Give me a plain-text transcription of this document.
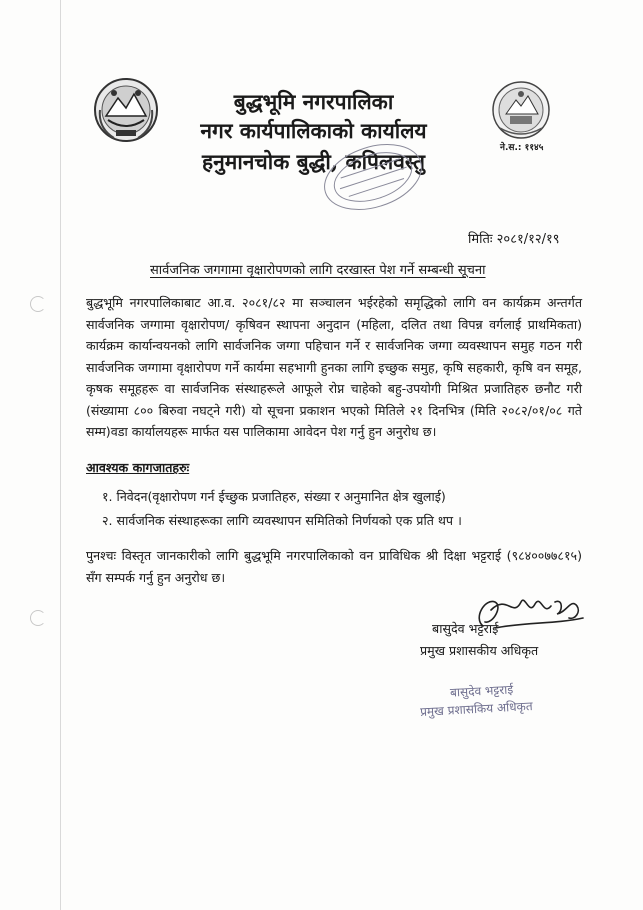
ने.स.: ११४५
बुद्धभूमि नगरपालिका
नगर कार्यपालिकाको कार्यालय
हनुमानचोक बुद्धी, कपिलवस्तु
मितिः २०८१/१२/१९
सार्वजनिक जगगामा वृक्षारोपणको लागि दरखास्त पेश गर्ने सम्बन्धी सूचना
बुद्धभूमि नगरपालिकाबाट आ.व. २०८१/८२ मा सञ्चालन भईरहेको समृद्धिको लागि वन कार्यक्रम अन्तर्गत सार्वजनिक जग्गामा वृक्षारोपण/ कृषिवन स्थापना अनुदान (महिला, दलित तथा विपन्न वर्गलाई प्राथमिकता) कार्यक्रम कार्यान्वयनको लागि सार्वजनिक जग्गा पहिचान गर्ने र सार्वजनिक जग्गा व्यवस्थापन समुह गठन गरी सार्वजनिक जग्गामा वृक्षारोपण गर्ने कार्यमा सहभागी हुनका लागि इच्छुक समुह, कृषि सहकारी, कृषि वन समूह, कृषक समूहहरू वा सार्वजनिक संस्थाहरूले आफूले रोप्न चाहेको बहु-उपयोगी मिश्रित प्रजातिहरु छनौट गरी (संख्यामा ८०० बिरुवा नघट्ने गरी) यो सूचना प्रकाशन भएको मितिले २१ दिनभित्र (मिति २०८२/०१/०८ गते सम्म)वडा कार्यालयहरू मार्फत यस पालिकामा आवेदन पेश गर्नु हुन अनुरोध छ।
आवश्यक कागजातहरुः
१. निवेदन(वृक्षारोपण गर्न ईच्छुक प्रजातिहरु, संख्या र अनुमानित क्षेत्र खुलाई)
२. सार्वजनिक संस्थाहरूका लागि व्यवस्थापन समितिको निर्णयको एक प्रति थप ।
पुनश्चः विस्तृत जानकारीको लागि बुद्धभूमि नगरपालिकाको वन प्राविधिक श्री दिक्षा भट्टराई (९८४००७७८१५) सँग सम्पर्क गर्नु हुन अनुरोध छ।
बासुदेव भट्टराई
प्रमुख प्रशासकीय अधिकृत
बासुदेव भट्टराई
प्रमुख प्रशासकिय अधिकृत
